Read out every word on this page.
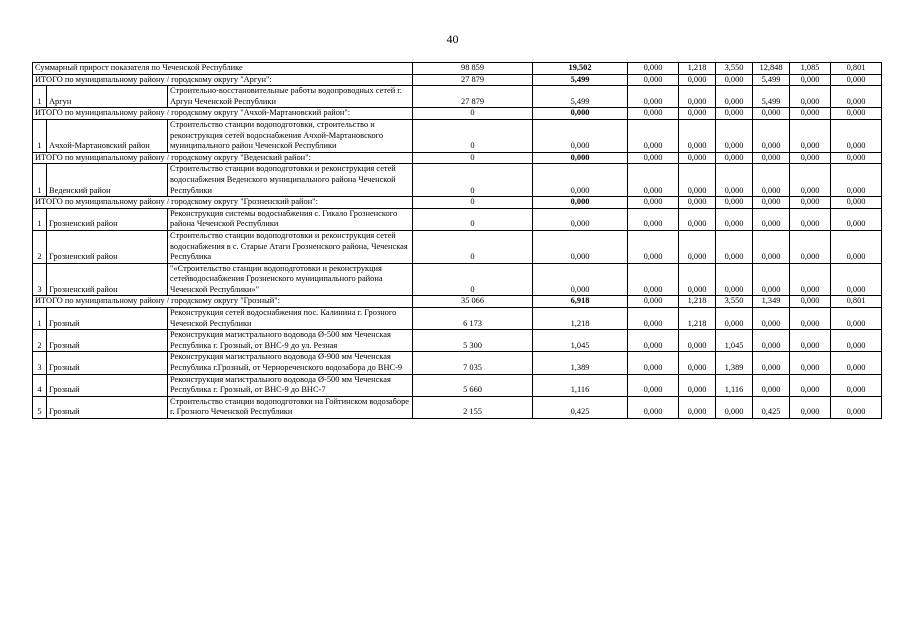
40
Суммарный прирост показателя по Чеченской Республике			98 859	19,502	0,000	1,218	3,550	12,848	1,085	0,801
ИТОГО по муниципальному району / городскому округу "Аргун":			27 879	5,499	0,000	0,000	0,000	5,499	0,000	0,000
1	Аргун	Строительно-восстановительные работы водопроводных сетей г. Аргун Чеченской Республики	27 879	5,499	0,000	0,000	0,000	5,499	0,000	0,000
ИТОГО по муниципальному району / городскому округу "Ачхой-Мартановский район":			0	0,000	0,000	0,000	0,000	0,000	0,000	0,000
1	Ачхой-Мартановский район	Строительство станции водоподготовки, строительство и реконструкция сетей водоснабжения Ачхой-Мартановского муниципального район Чеченской Республики	0	0,000	0,000	0,000	0,000	0,000	0,000	0,000
ИТОГО по муниципальному району / городскому округу "Веденский район":			0	0,000	0,000	0,000	0,000	0,000	0,000	0,000
1	Веденский район	Строительство станции водоподготовки и реконструкция сетей водоснабжения Веденского муниципального района Чеченской Республики	0	0,000	0,000	0,000	0,000	0,000	0,000	0,000
ИТОГО по муниципальному району / городскому округу "Грозненский район":			0	0,000	0,000	0,000	0,000	0,000	0,000	0,000
1	Грозненский район	Реконструкция системы водоснабжения с. Гикало Грозненского района Чеченской Республики	0	0,000	0,000	0,000	0,000	0,000	0,000	0,000
2	Грозненский район	Строительство станции водоподготовки и реконструкция сетей водоснабжения в с. Старые Атаги Грозненского района, Чеченская Республика	0	0,000	0,000	0,000	0,000	0,000	0,000	0,000
3	Грозненский район	"«Строительство станции водоподготовки и реконструкция сетейводоснабжения Грозненского муниципального района Чеченской Республики»"	0	0,000	0,000	0,000	0,000	0,000	0,000	0,000
ИТОГО по муниципальному району / городскому округу "Грозный":			35 066	6,918	0,000	1,218	3,550	1,349	0,000	0,801
1	Грозный	Реконструкция сетей водоснабжения пос. Калинина г. Грозного Чеченской Республики	6 173	1,218	0,000	1,218	0,000	0,000	0,000	0,000
2	Грозный	Реконструкция магистрального водовода Ø-500 мм Чеченская Республика г. Грозный, от ВНС-9 до ул. Резная	5 300	1,045	0,000	0,000	1,045	0,000	0,000	0,000
3	Грозный	Реконструкция магистрального водовода Ø-900 мм Чеченская Республика г.Грозный, от Чернореченского водозабора до ВНС-9	7 035	1,389	0,000	0,000	1,389	0,000	0,000	0,000
4	Грозный	Реконструкция магистрального водовода Ø-500 мм Чеченская Республика г. Грозный, от ВНС-9 до ВНС-7	5 660	1,116	0,000	0,000	1,116	0,000	0,000	0,000
5	Грозный	Строительство станции водоподготовки на Гойтинском водозаборе г. Грозного Чеченской Республики	2 155	0,425	0,000	0,000	0,000	0,425	0,000	0,000
